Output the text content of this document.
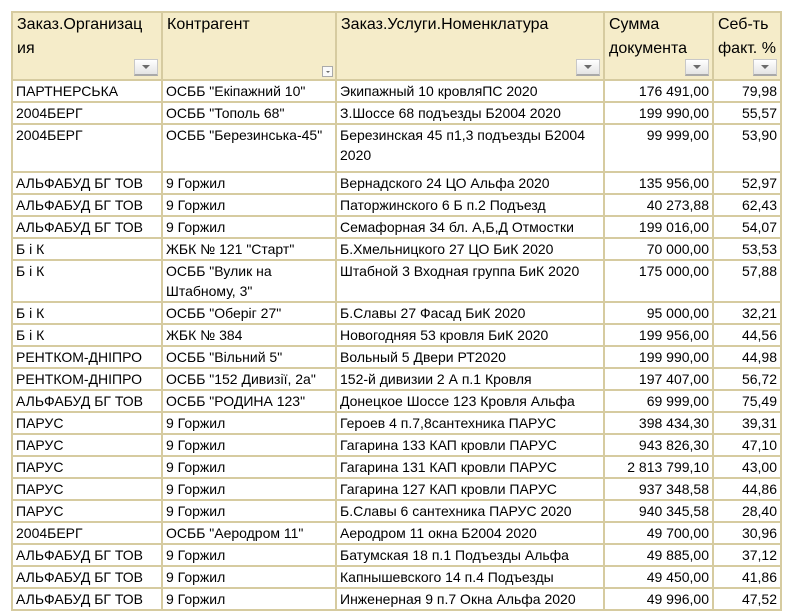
Заказ.Организац ия	Контрагент	Заказ.Услуги.Номенклатура	Сумма документа	Себ-ть факт. %

ПАРТНЕРСЬКА	ОСББ "Екіпажний 10"	Экипажный 10 кровляПС 2020	176 491,00	79,98
2004БЕРГ	ОСББ "Тополь 68"	З.Шоссе 68 подъезды Б2004 2020	199 990,00	55,57
2004БЕРГ	ОСББ "Березинська-45"	Березинская 45 п1,3 подъезды Б2004 2020	99 999,00	53,90
АЛЬФАБУД БГ ТОВ	9 Горжил	Вернадского 24 ЦО Альфа 2020	135 956,00	52,97
АЛЬФАБУД БГ ТОВ	9 Горжил	Паторжинского 6 Б п.2 Подъезд	40 273,88	62,43
АЛЬФАБУД БГ ТОВ	9 Горжил	Семафорная 34 бл. А,Б,Д Отмостки	199 016,00	54,07
Б і К	ЖБК № 121 "Старт"	Б.Хмельницкого 27 ЦО БиК 2020	70 000,00	53,53
Б і К	ОСББ "Вулик на Штабному, 3"	Штабной 3 Входная группа БиК 2020	175 000,00	57,88
Б і К	ОСББ "Оберіг 27"	Б.Славы 27 Фасад БиК 2020	95 000,00	32,21
Б і К	ЖБК № 384	Новогодняя 53 кровля БиК 2020	199 956,00	44,56
РЕНТКОМ-ДНІПРО	ОСББ "Вільний 5"	Вольный 5 Двери РТ2020	199 990,00	44,98
РЕНТКОМ-ДНІПРО	ОСББ "152 Дивизії, 2а"	152-й дивизии 2 А п.1 Кровля	197 407,00	56,72
АЛЬФАБУД БГ ТОВ	ОСББ "РОДИНА 123"	Донецкое Шоссе 123 Кровля Альфа	69 999,00	75,49
ПАРУС	9 Горжил	Героев 4 п.7,8сантехника ПАРУС	398 434,30	39,31
ПАРУС	9 Горжил	Гагарина 133 КАП кровли ПАРУС	943 826,30	47,10
ПАРУС	9 Горжил	Гагарина 131 КАП кровли ПАРУС	2 813 799,10	43,00
ПАРУС	9 Горжил	Гагарина 127 КАП кровли ПАРУС	937 348,58	44,86
ПАРУС	9 Горжил	Б.Славы 6 сантехника ПАРУС 2020	940 345,58	28,40
2004БЕРГ	ОСББ "Аеродром 11"	Аеродром 11 окна Б2004 2020	49 700,00	30,96
АЛЬФАБУД БГ ТОВ	9 Горжил	Батумская 18 п.1 Подъезды Альфа	49 885,00	37,12
АЛЬФАБУД БГ ТОВ	9 Горжил	Капнышевского 14 п.4 Подъезды	49 450,00	41,86
АЛЬФАБУД БГ ТОВ	9 Горжил	Инженерная 9 п.7 Окна Альфа 2020	49 996,00	47,52
